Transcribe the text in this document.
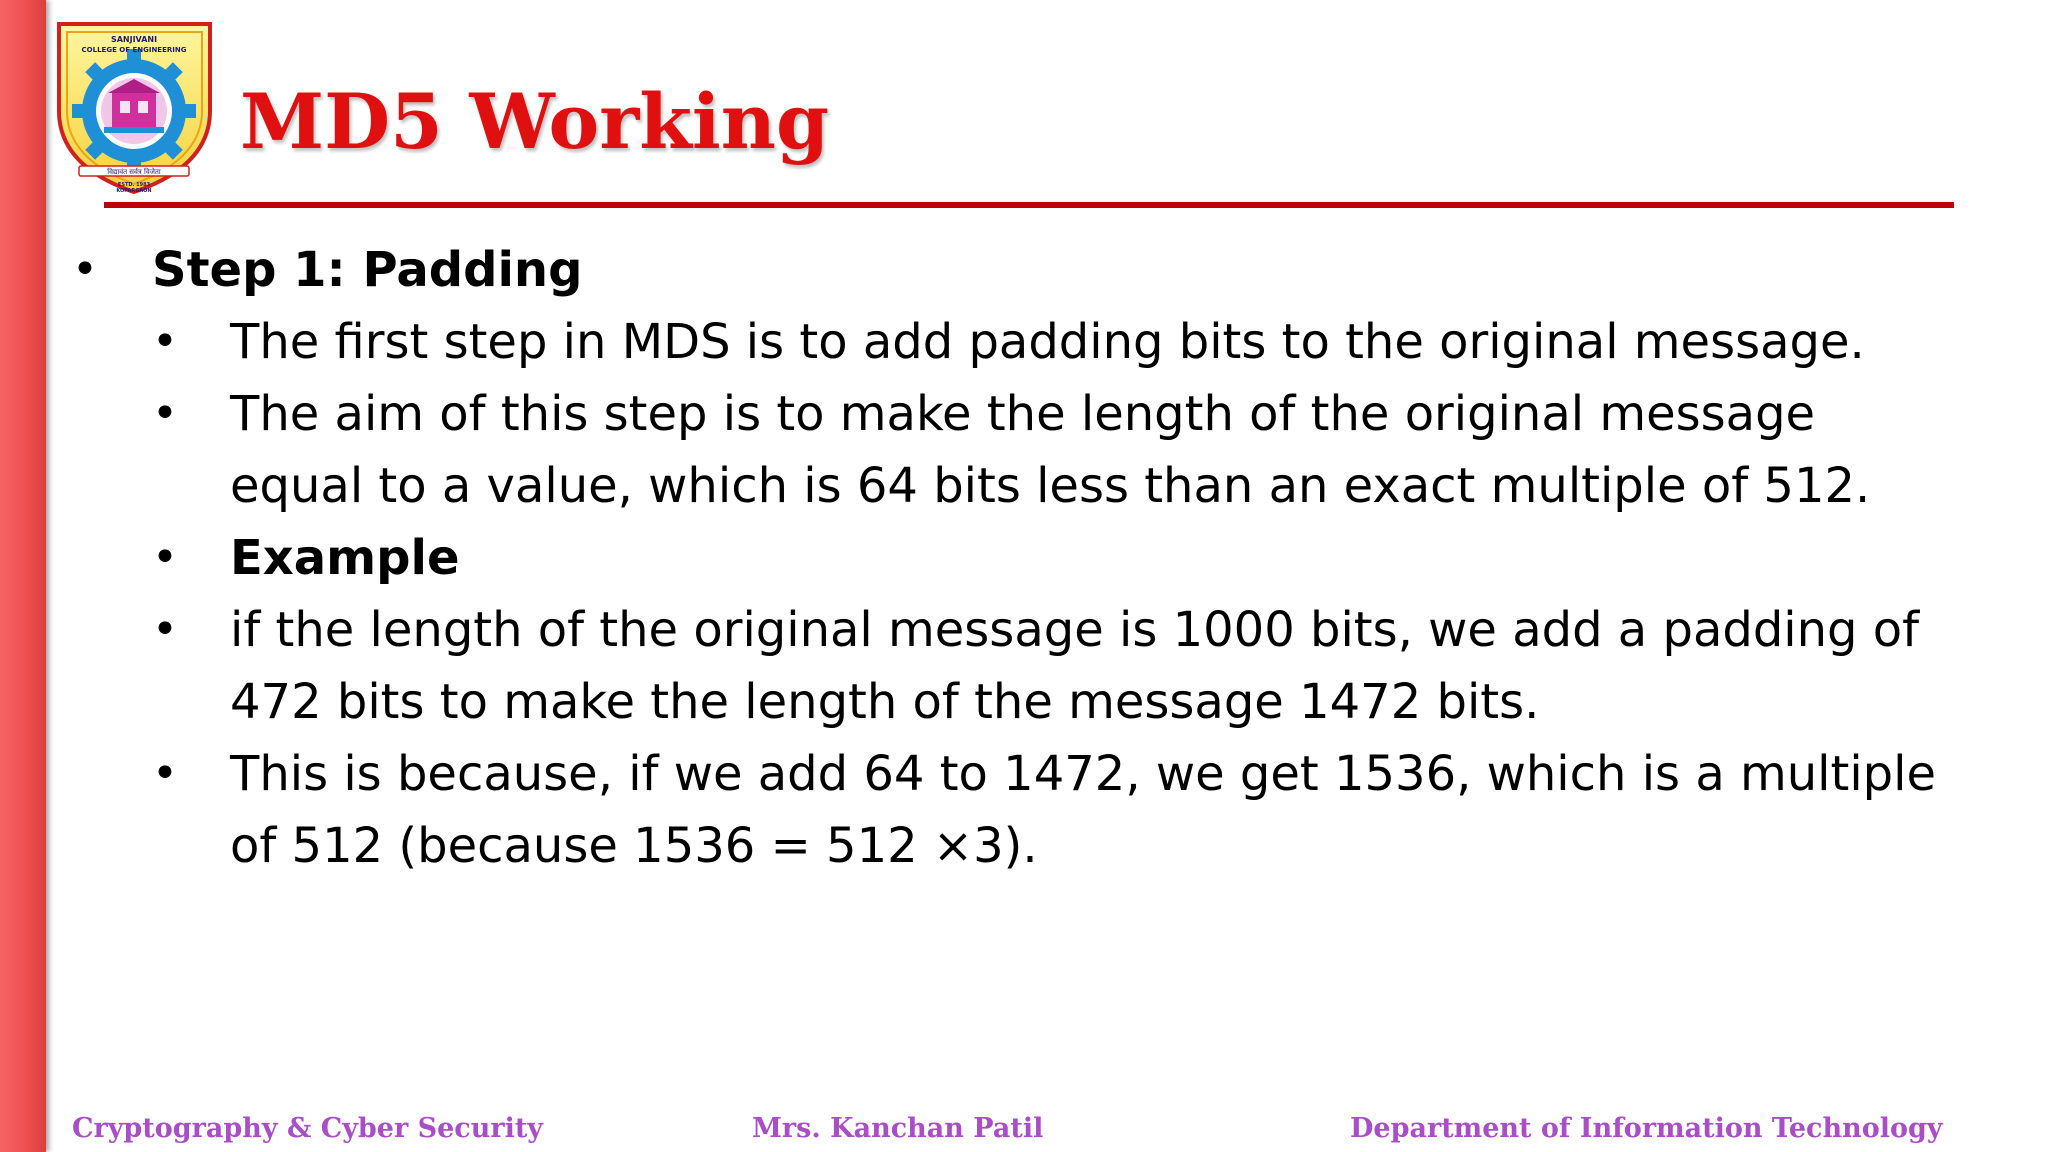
SANJIVANI
COLLEGE OF ENGINEERING
विद्यावंत सर्वत्र विजेता
ESTD. 1983
KOPARGAON
MD5 Working
• Step 1: Padding
• The first step in MDS is to add padding bits to the original message.
• The aim of this step is to make the length of the original message
equal to a value, which is 64 bits less than an exact multiple of 512.
• Example
• if the length of the original message is 1000 bits, we add a padding of
472 bits to make the length of the message 1472 bits.
• This is because, if we add 64 to 1472, we get 1536, which is a multiple
of 512 (because 1536 = 512 ×3).

Cryptography & Cyber Security	Mrs. Kanchan Patil	Department of Information Technology
